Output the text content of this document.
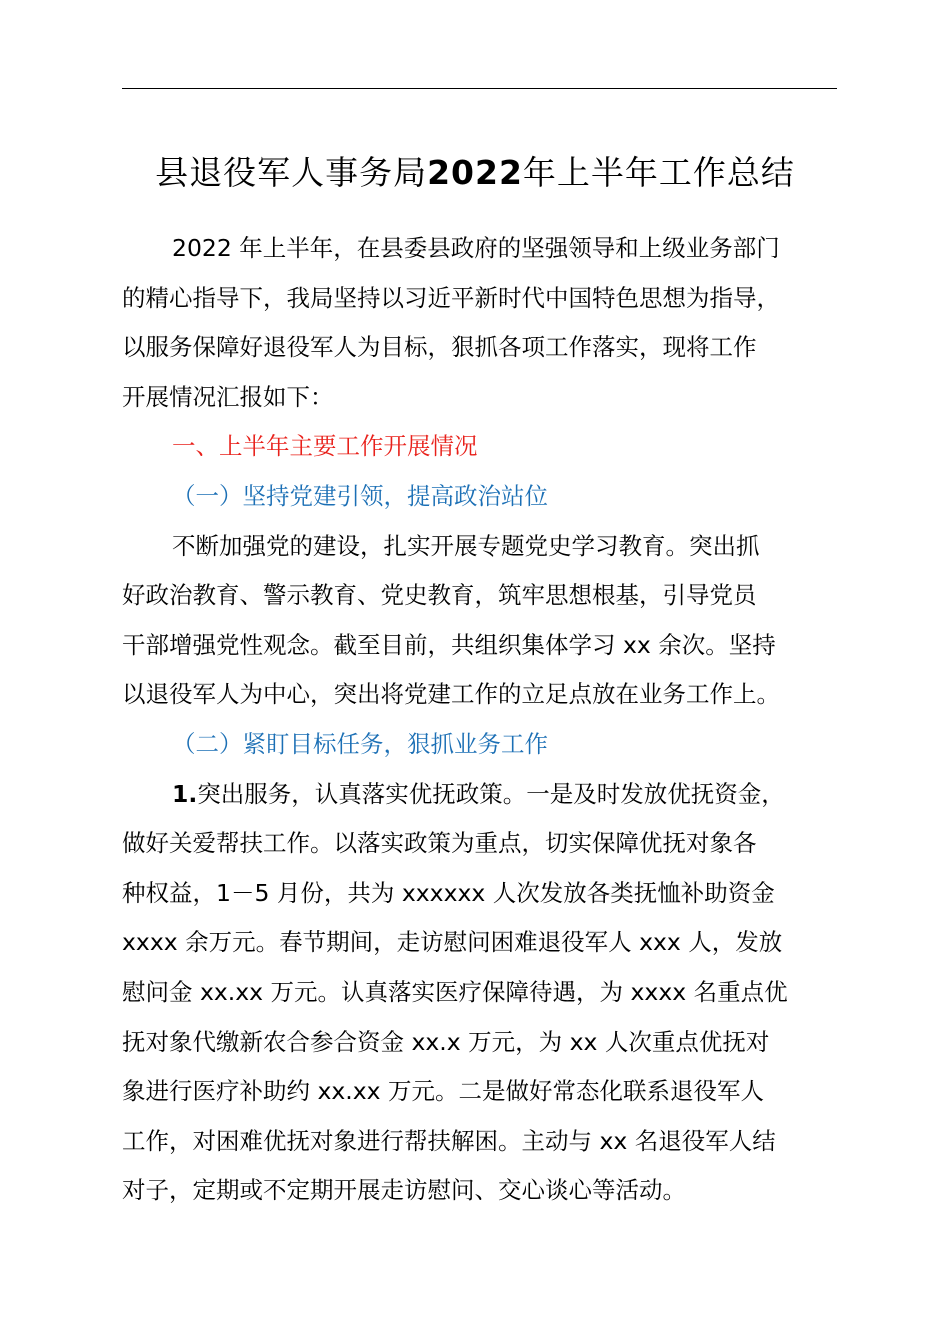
县退役军人事务局2022年上半年工作总结
2022 年上半年，在县委县政府的坚强领导和上级业务部门
的精心指导下，我局坚持以习近平新时代中国特色思想为指导，
以服务保障好退役军人为目标，狠抓各项工作落实，现将工作
开展情况汇报如下：
一、上半年主要工作开展情况
（一）坚持党建引领，提高政治站位
不断加强党的建设，扎实开展专题党史学习教育。突出抓
好政治教育、警示教育、党史教育，筑牢思想根基，引导党员
干部增强党性观念。截至目前，共组织集体学习 xx 余次。坚持
以退役军人为中心，突出将党建工作的立足点放在业务工作上。
（二）紧盯目标任务，狠抓业务工作
1.突出服务，认真落实优抚政策。一是及时发放优抚资金，
做好关爱帮扶工作。以落实政策为重点，切实保障优抚对象各
种权益，1－5 月份，共为 xxxxxx 人次发放各类抚恤补助资金
xxxx 余万元。春节期间，走访慰问困难退役军人 xxx 人，发放
慰问金 xx.xx 万元。认真落实医疗保障待遇，为 xxxx 名重点优
抚对象代缴新农合参合资金 xx.x 万元，为 xx 人次重点优抚对
象进行医疗补助约 xx.xx 万元。二是做好常态化联系退役军人
工作，对困难优抚对象进行帮扶解困。主动与 xx 名退役军人结
对子，定期或不定期开展走访慰问、交心谈心等活动。
